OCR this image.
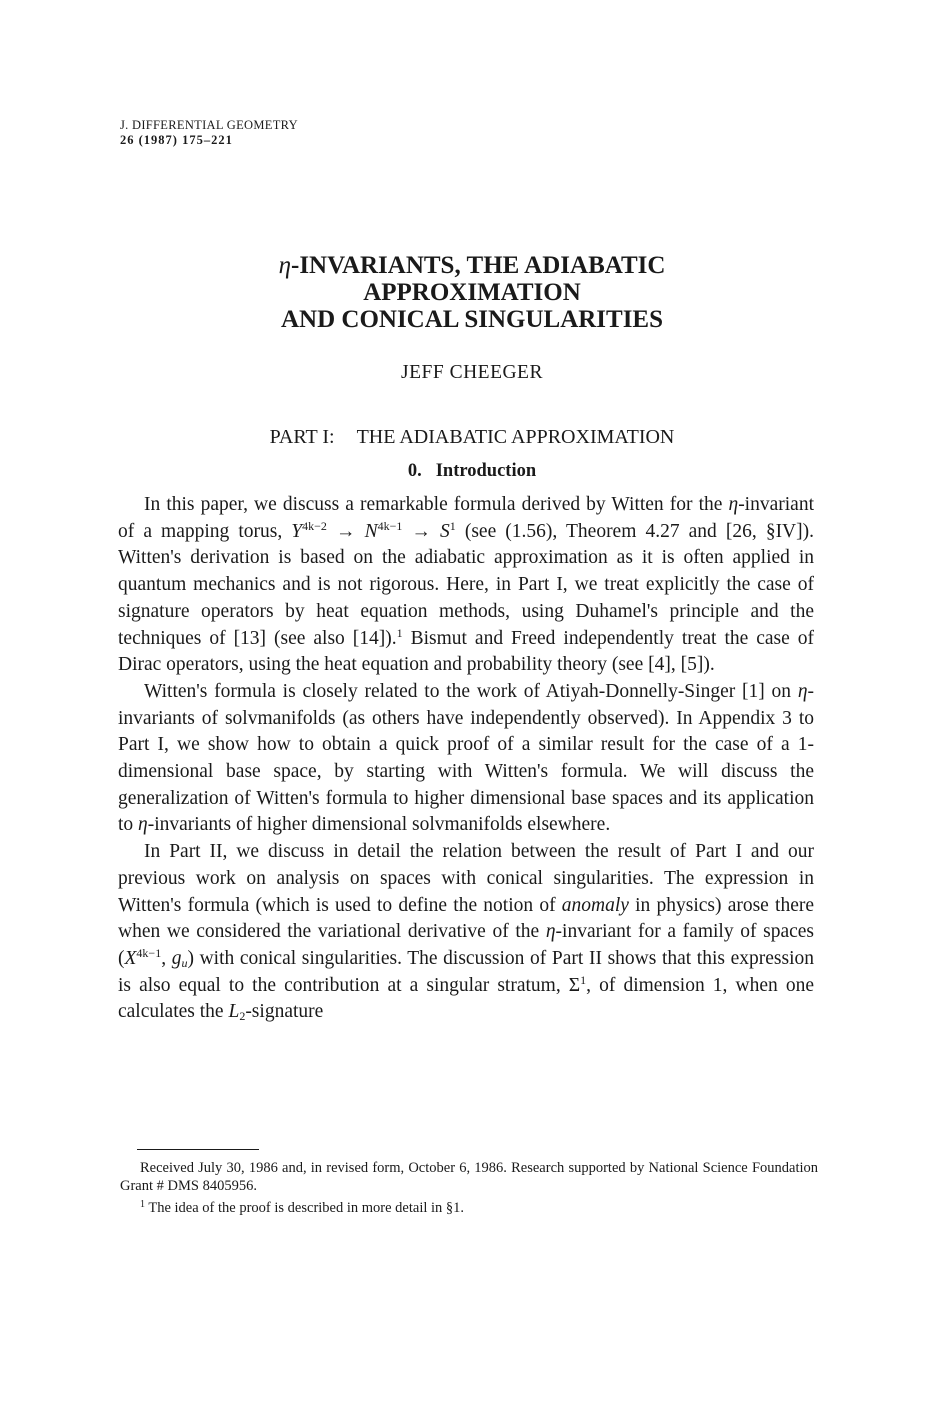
J. DIFFERENTIAL GEOMETRY
26 (1987) 175–221
η-INVARIANTS, THE ADIABATIC
APPROXIMATION
AND CONICAL SINGULARITIES
JEFF CHEEGER
PART I: THE ADIABATIC APPROXIMATION
0. Introduction

In this paper, we discuss a remarkable formula derived by Witten for the η-invariant of a mapping torus, $Y^{4k-2} \to N^{4k-1} \to S^1$ (see (1.56), Theorem 4.27 and [26, §IV]). Witten's derivation is based on the adiabatic approximation as it is often applied in quantum mechanics and is not rigorous. Here, in Part I, we treat explicitly the case of signature operators by heat equation methods, using Duhamel's principle and the techniques of [13] (see also [14]).$^1$ Bismut and Freed independently treat the case of Dirac operators, using the heat equation and probability theory (see [4], [5]).

Witten's formula is closely related to the work of Atiyah-Donnelly-Singer [1] on η-invariants of solvmanifolds (as others have independently observed). In Appendix 3 to Part I, we show how to obtain a quick proof of a similar result for the case of a 1-dimensional base space, by starting with Witten's formula. We will discuss the generalization of Witten's formula to higher dimensional base spaces and its application to η-invariants of higher dimensional solvmanifolds elsewhere.

In Part II, we discuss in detail the relation between the result of Part I and our previous work on analysis on spaces with conical singularities. The expression in Witten's formula (which is used to define the notion of anomaly in physics) arose there when we considered the variational derivative of the η-invariant for a family of spaces ($X^{4k-1}$, $g_u$) with conical singularities. The discussion of Part II shows that this expression is also equal to the contribution at a singular stratum, $\Sigma^1$, of dimension 1, when one calculates the $L_2$-signature

Received July 30, 1986 and, in revised form, October 6, 1986. Research supported by National Science Foundation Grant # DMS 8405956.
$^1$ The idea of the proof is described in more detail in §1.
